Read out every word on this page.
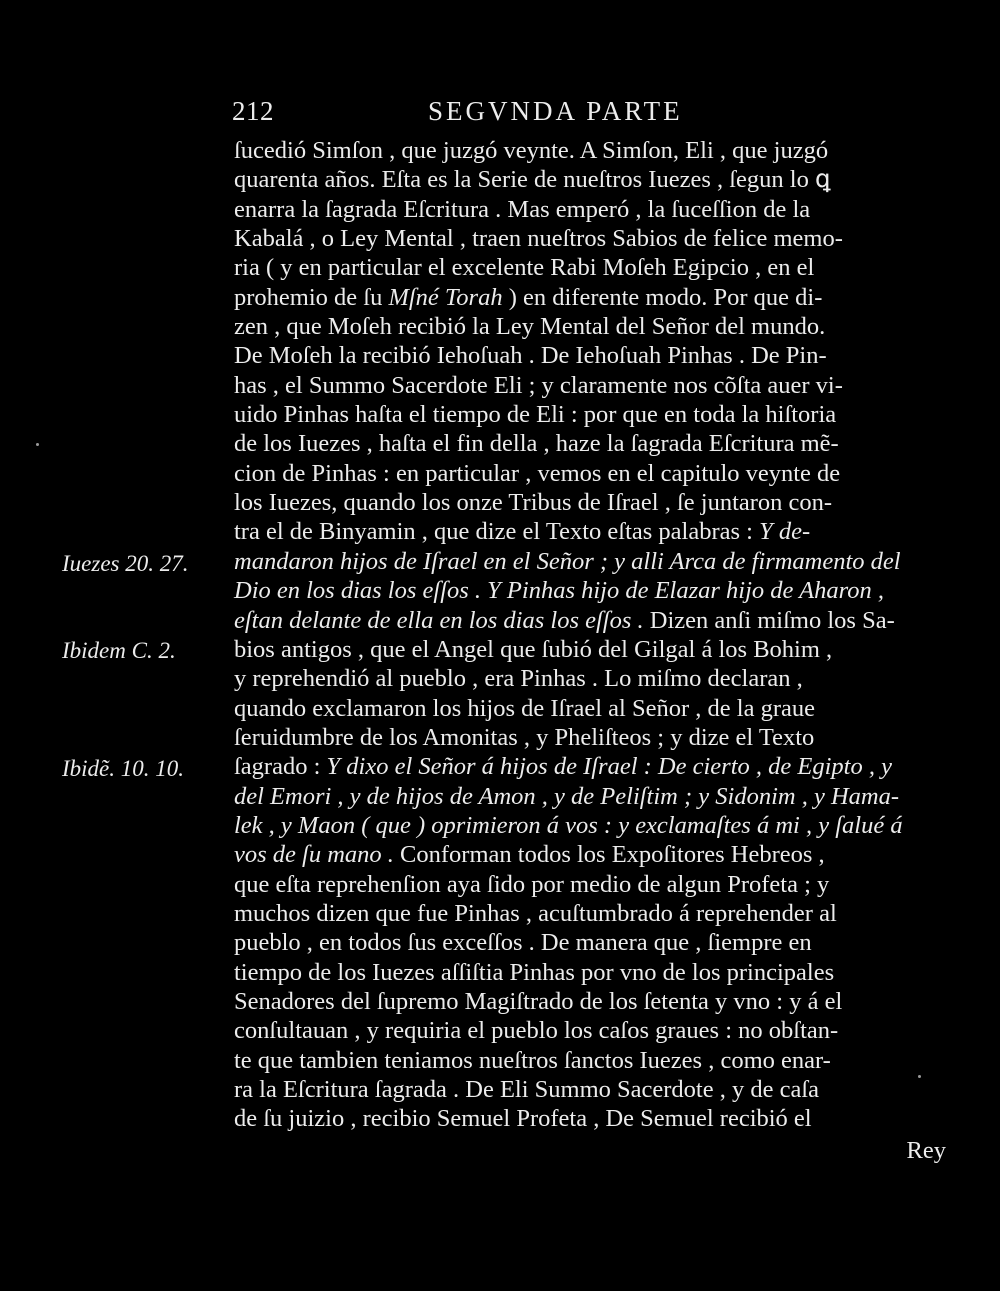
212	SEGVNDA PARTE
Iuezes 20. 27.
Ibidem C. 2.
Ibidẽ. 10. 10.
ſucedió Simſon , que juzgó veynte. A Simſon, Eli , que juzgó
quarenta años. Eſta es la Serie de nueſtros Iuezes , ſegun lo ꝗ
enarra la ſagrada Eſcritura . Mas emperó , la ſuceſſion de la
Kabalá , o Ley Mental , traen nueſtros Sabios de felice memo-
ria ( y en particular el excelente Rabi Moſeh Egipcio , en el
prohemio de ſu Mſné Torah ) en diferente modo. Por que di-
zen , que Moſeh recibió la Ley Mental del Señor del mundo.
De Moſeh la recibió Iehoſuah . De Iehoſuah Pinhas . De Pin-
has , el Summo Sacerdote Eli ; y claramente nos cõſta auer vi-
uido Pinhas haſta el tiempo de Eli : por que en toda la hiſtoria
de los Iuezes , haſta el fin della , haze la ſagrada Eſcritura mẽ-
cion de Pinhas : en particular , vemos en el capitulo veynte de
los Iuezes, quando los onze Tribus de Iſrael , ſe juntaron con-
tra el de Binyamin , que dize el Texto eſtas palabras : Y de-
mandaron hijos de Iſrael en el Señor ; y alli Arca de firmamento del
Dio en los dias los eſſos . Y Pinhas hijo de Elazar hijo de Aharon ,
eſtan delante de ella en los dias los eſſos . Dizen anſi miſmo los Sa-
bios antigos , que el Angel que ſubió del Gilgal á los Bohim ,
y reprehendió al pueblo , era Pinhas . Lo miſmo declaran ,
quando exclamaron los hijos de Iſrael al Señor , de la graue
ſeruidumbre de los Amonitas , y Pheliſteos ; y dize el Texto
ſagrado : Y dixo el Señor á hijos de Iſrael : De cierto , de Egipto , y
del Emori , y de hijos de Amon , y de Peliſtim ; y Sidonim , y Hama-
lek , y Maon ( que ) oprimieron á vos : y exclamaſtes á mi , y ſalué á
vos de ſu mano . Conforman todos los Expoſitores Hebreos ,
que eſta reprehenſion aya ſido por medio de algun Profeta ; y
muchos dizen que fue Pinhas , acuſtumbrado á reprehender al
pueblo , en todos ſus exceſſos . De manera que , ſiempre en
tiempo de los Iuezes aſſiſtia Pinhas por vno de los principales
Senadores del ſupremo Magiſtrado de los ſetenta y vno : y á el
conſultauan , y requiria el pueblo los caſos graues : no obſtan-
te que tambien teniamos nueſtros ſanctos Iuezes , como enar-
ra la Eſcritura ſagrada . De Eli Summo Sacerdote , y de caſa
de ſu juizio , recibio Semuel Profeta , De Semuel recibió el
Rey
